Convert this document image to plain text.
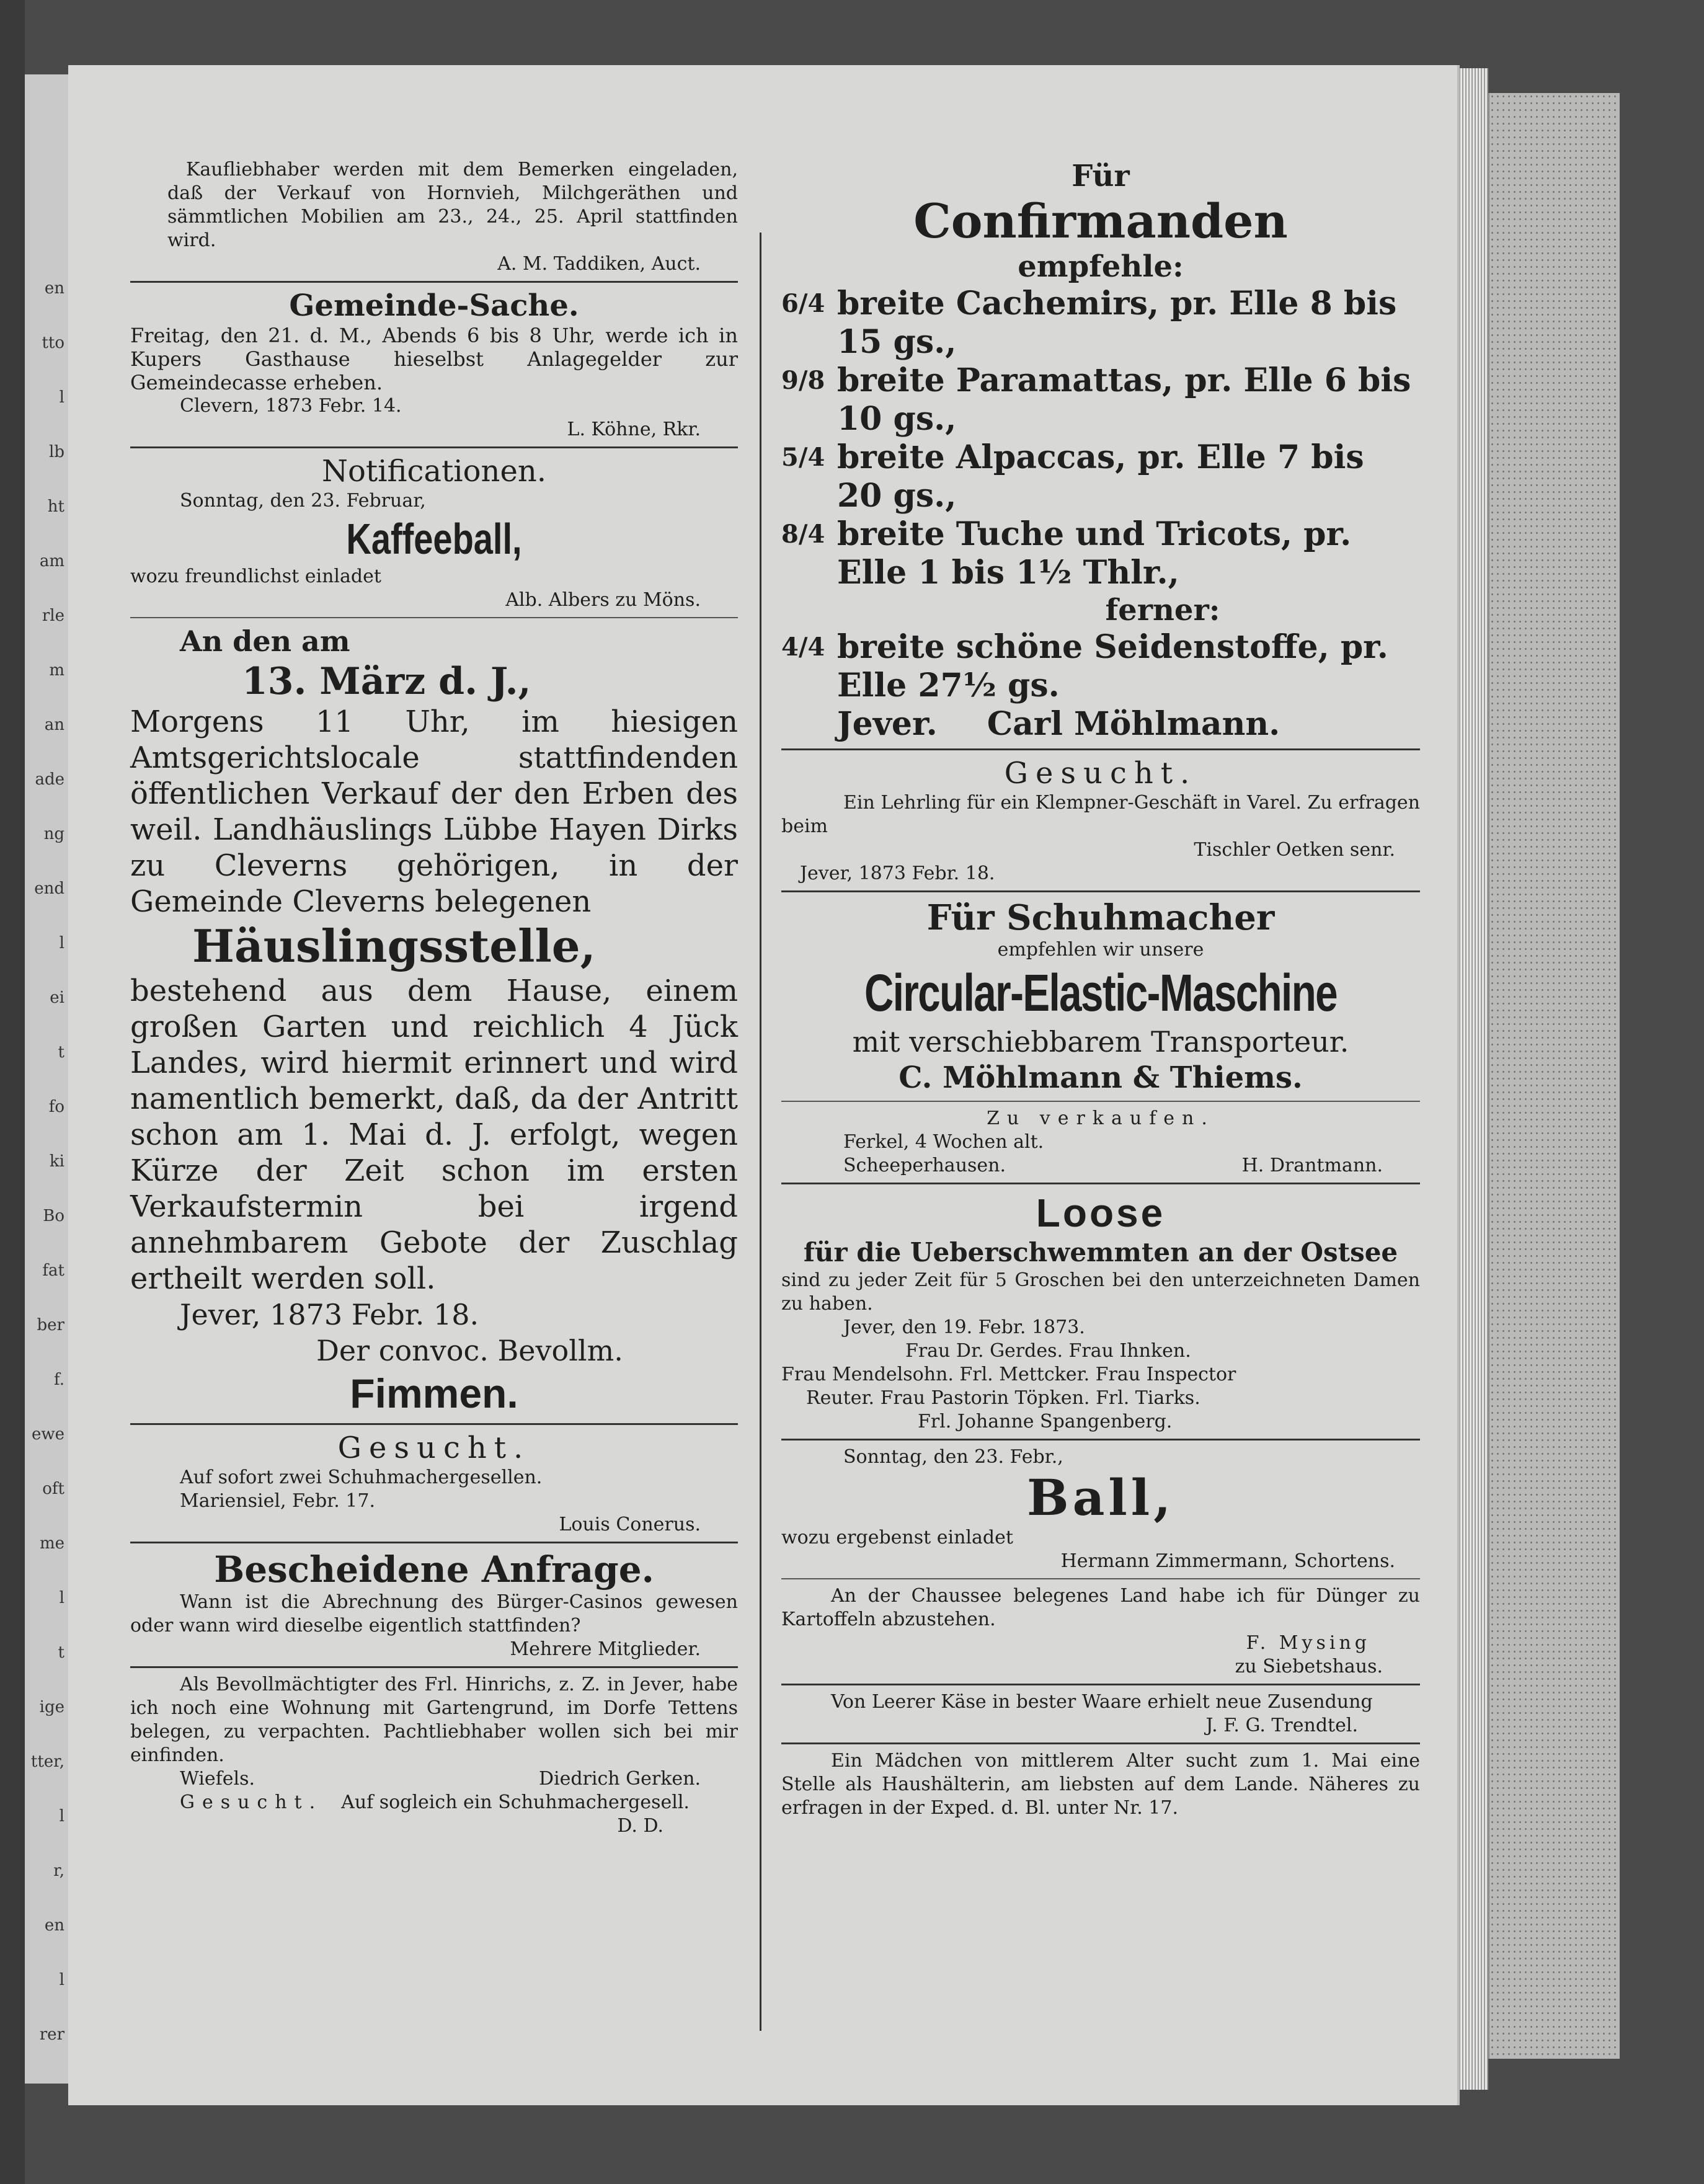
en
tto
l
lb
ht
am
rle
m
an
ade
ng
end
l
ei
t
fo
ki
Bo
fat
ber
f.
ewe
oft
me
l
t
ige
tter,
l
r,
en
l
rer

Kaufliebhaber werden mit dem Bemerken eingeladen, daß der Verkauf von Hornvieh, Milchgeräthen und sämmtlichen Mobilien am 23., 24., 25. April stattfinden wird.

A. M. Taddiken, Auct.

Gemeinde-Sache.

Freitag, den 21. d. M., Abends 6 bis 8 Uhr, werde ich in Kupers Gasthause hieselbst Anlagegelder zur Gemeindecasse erheben.

Clevern, 1873 Febr. 14.

L. Köhne, Rkr.

Notificationen.

Sonntag, den 23. Februar,

Kaffeeball,

wozu freundlichst einladet

Alb. Albers zu Möns.

An den am

13. März d. J.,

Morgens 11 Uhr, im hiesigen Amtsgerichtslocale stattfindenden öffentlichen Verkauf der den Erben des weil. Landhäuslings Lübbe Hayen Dirks zu Cleverns gehörigen, in der Gemeinde Cleverns belegenen

Häuslingsstelle,

bestehend aus dem Hause, einem großen Garten und reichlich 4 Jück Landes, wird hiermit erinnert und wird namentlich bemerkt, daß, da der Antritt schon am 1. Mai d. J. erfolgt, wegen Kürze der Zeit schon im ersten Verkaufstermin bei irgend annehmbarem Gebote der Zuschlag ertheilt werden soll.

Jever, 1873 Febr. 18.

Der convoc. Bevollm.

Fimmen.

Gesucht.

Auf sofort zwei Schuhmachergesellen.

Mariensiel, Febr. 17.

Louis Conerus.

Bescheidene Anfrage.

Wann ist die Abrechnung des Bürger-Casinos gewesen oder wann wird dieselbe eigentlich stattfinden?

Mehrere Mitglieder.

Als Bevollmächtigter des Frl. Hinrichs, z. Z. in Jever, habe ich noch eine Wohnung mit Gartengrund, im Dorfe Tettens belegen, zu verpachten. Pachtliebhaber wollen sich bei mir einfinden.

Wiefels.	Diedrich Gerken.

Gesucht. Auf sogleich ein Schuhmachergesell.

D. D.

Für

Confirmanden

empfehle:

6/4 breite Cachemirs, pr. Elle 8 bis 15 gs.,
9/8 breite Paramattas, pr. Elle 6 bis 10 gs.,
5/4 breite Alpaccas, pr. Elle 7 bis 20 gs.,
8/4 breite Tuche und Tricots, pr. Elle 1 bis 1½ Thlr.,

ferner:

4/4 breite schöne Seidenstoffe, pr. Elle 27½ gs.

Jever. Carl Möhlmann.

Gesucht.

Ein Lehrling für ein Klempner-Geschäft in Varel. Zu erfragen beim

Tischler Oetken senr.

Jever, 1873 Febr. 18.

Für Schuhmacher

empfehlen wir unsere

Circular-Elastic-Maschine

mit verschiebbarem Transporteur.

C. Möhlmann & Thiems.

Zu verkaufen.

Ferkel, 4 Wochen alt.

Scheeperhausen.	H. Drantmann.

Loose

für die Ueberschwemmten an der Ostsee

sind zu jeder Zeit für 5 Groschen bei den unterzeichneten Damen zu haben.

Jever, den 19. Febr. 1873.

Frau Dr. Gerdes. Frau Ihnken.

Frau Mendelsohn. Frl. Mettcker. Frau Inspector

Reuter. Frau Pastorin Töpken. Frl. Tiarks.

Frl. Johanne Spangenberg.

Sonntag, den 23. Febr.,

Ball,

wozu ergebenst einladet

Hermann Zimmermann, Schortens.

An der Chaussee belegenes Land habe ich für Dünger zu Kartoffeln abzustehen.

F. Mysing

zu Siebetshaus.

Von Leerer Käse in bester Waare erhielt neue Zusendung

J. F. G. Trendtel.

Ein Mädchen von mittlerem Alter sucht zum 1. Mai eine Stelle als Haushälterin, am liebsten auf dem Lande. Näheres zu erfragen in der Exped. d. Bl. unter Nr. 17.
